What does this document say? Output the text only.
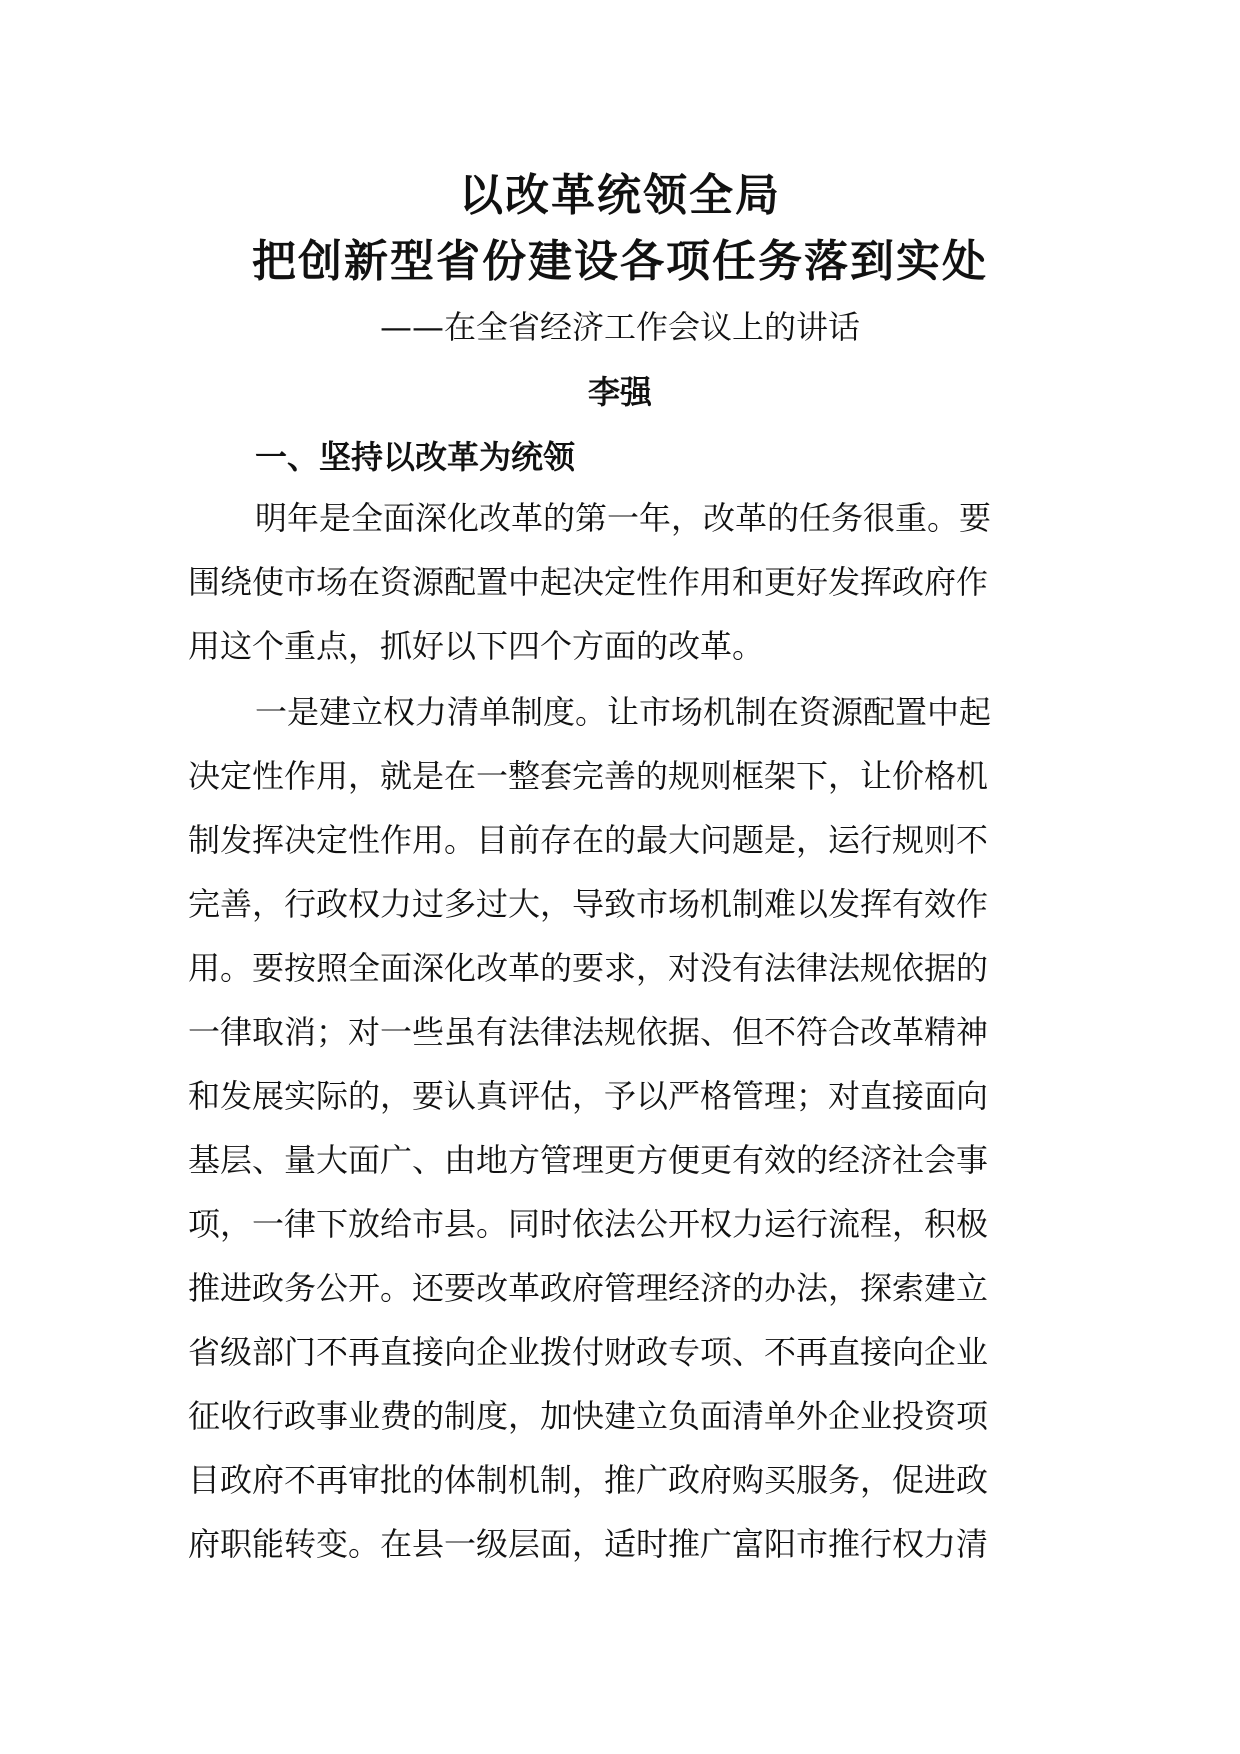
以改革统领全局
把创新型省份建设各项任务落到实处
——在全省经济工作会议上的讲话
李强
一、坚持以改革为统领
明年是全面深化改革的第一年，改革的任务很重。要
围绕使市场在资源配置中起决定性作用和更好发挥政府作
用这个重点，抓好以下四个方面的改革。
一是建立权力清单制度。让市场机制在资源配置中起
决定性作用，就是在一整套完善的规则框架下，让价格机
制发挥决定性作用。目前存在的最大问题是，运行规则不
完善，行政权力过多过大，导致市场机制难以发挥有效作
用。要按照全面深化改革的要求，对没有法律法规依据的
一律取消；对一些虽有法律法规依据、但不符合改革精神
和发展实际的，要认真评估，予以严格管理；对直接面向
基层、量大面广、由地方管理更方便更有效的经济社会事
项，一律下放给市县。同时依法公开权力运行流程，积极
推进政务公开。还要改革政府管理经济的办法，探索建立
省级部门不再直接向企业拨付财政专项、不再直接向企业
征收行政事业费的制度，加快建立负面清单外企业投资项
目政府不再审批的体制机制，推广政府购买服务，促进政
府职能转变。在县一级层面，适时推广富阳市推行权力清
